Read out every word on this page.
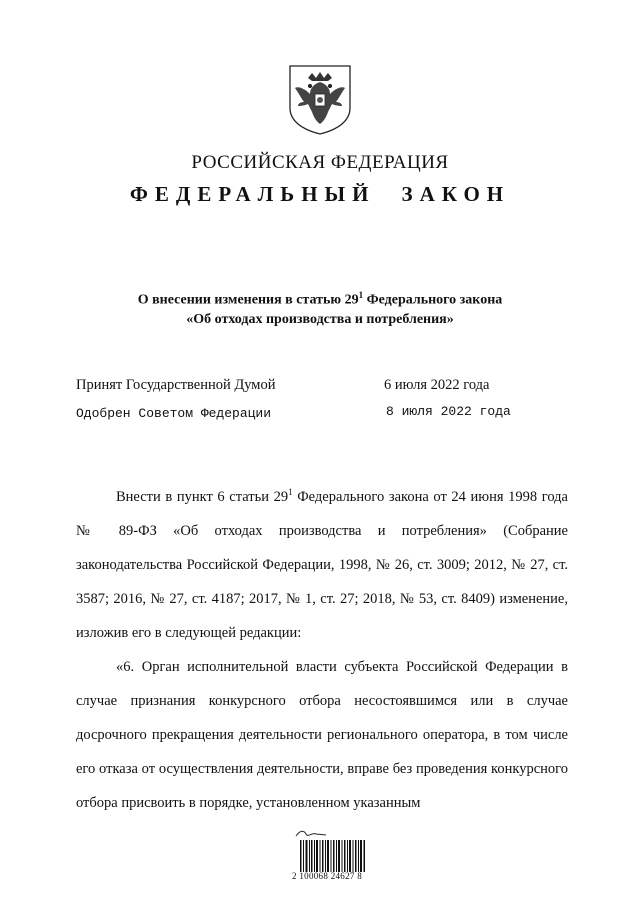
РОССИЙСКАЯ ФЕДЕРАЦИЯ
ФЕДЕРАЛЬНЫЙ ЗАКОН
О внесении изменения в статью $29^1$ Федерального закона
«Об отходах производства и потребления»
Принят Государственной Думой	6 июля 2022 года
Одобрен Советом Федерации	8 июля 2022 года

Внести в пункт 6 статьи $29^1$ Федерального закона от 24 июня 1998 года № 89-ФЗ «Об отходах производства и потребления» (Собрание законодательства Российской Федерации, 1998, № 26, ст. 3009; 2012, № 27, ст. 3587; 2016, № 27, ст. 4187; 2017, № 1, ст. 27; 2018, № 53, ст. 8409) изменение, изложив его в следующей редакции:

«6. Орган исполнительной власти субъекта Российской Федерации в случае признания конкурсного отбора несостоявшимся или в случае досрочного прекращения деятельности регионального оператора, в том числе его отказа от осуществления деятельности, вправе без проведения конкурсного отбора присвоить в порядке, установленном указанным

2 100068 24627 8
